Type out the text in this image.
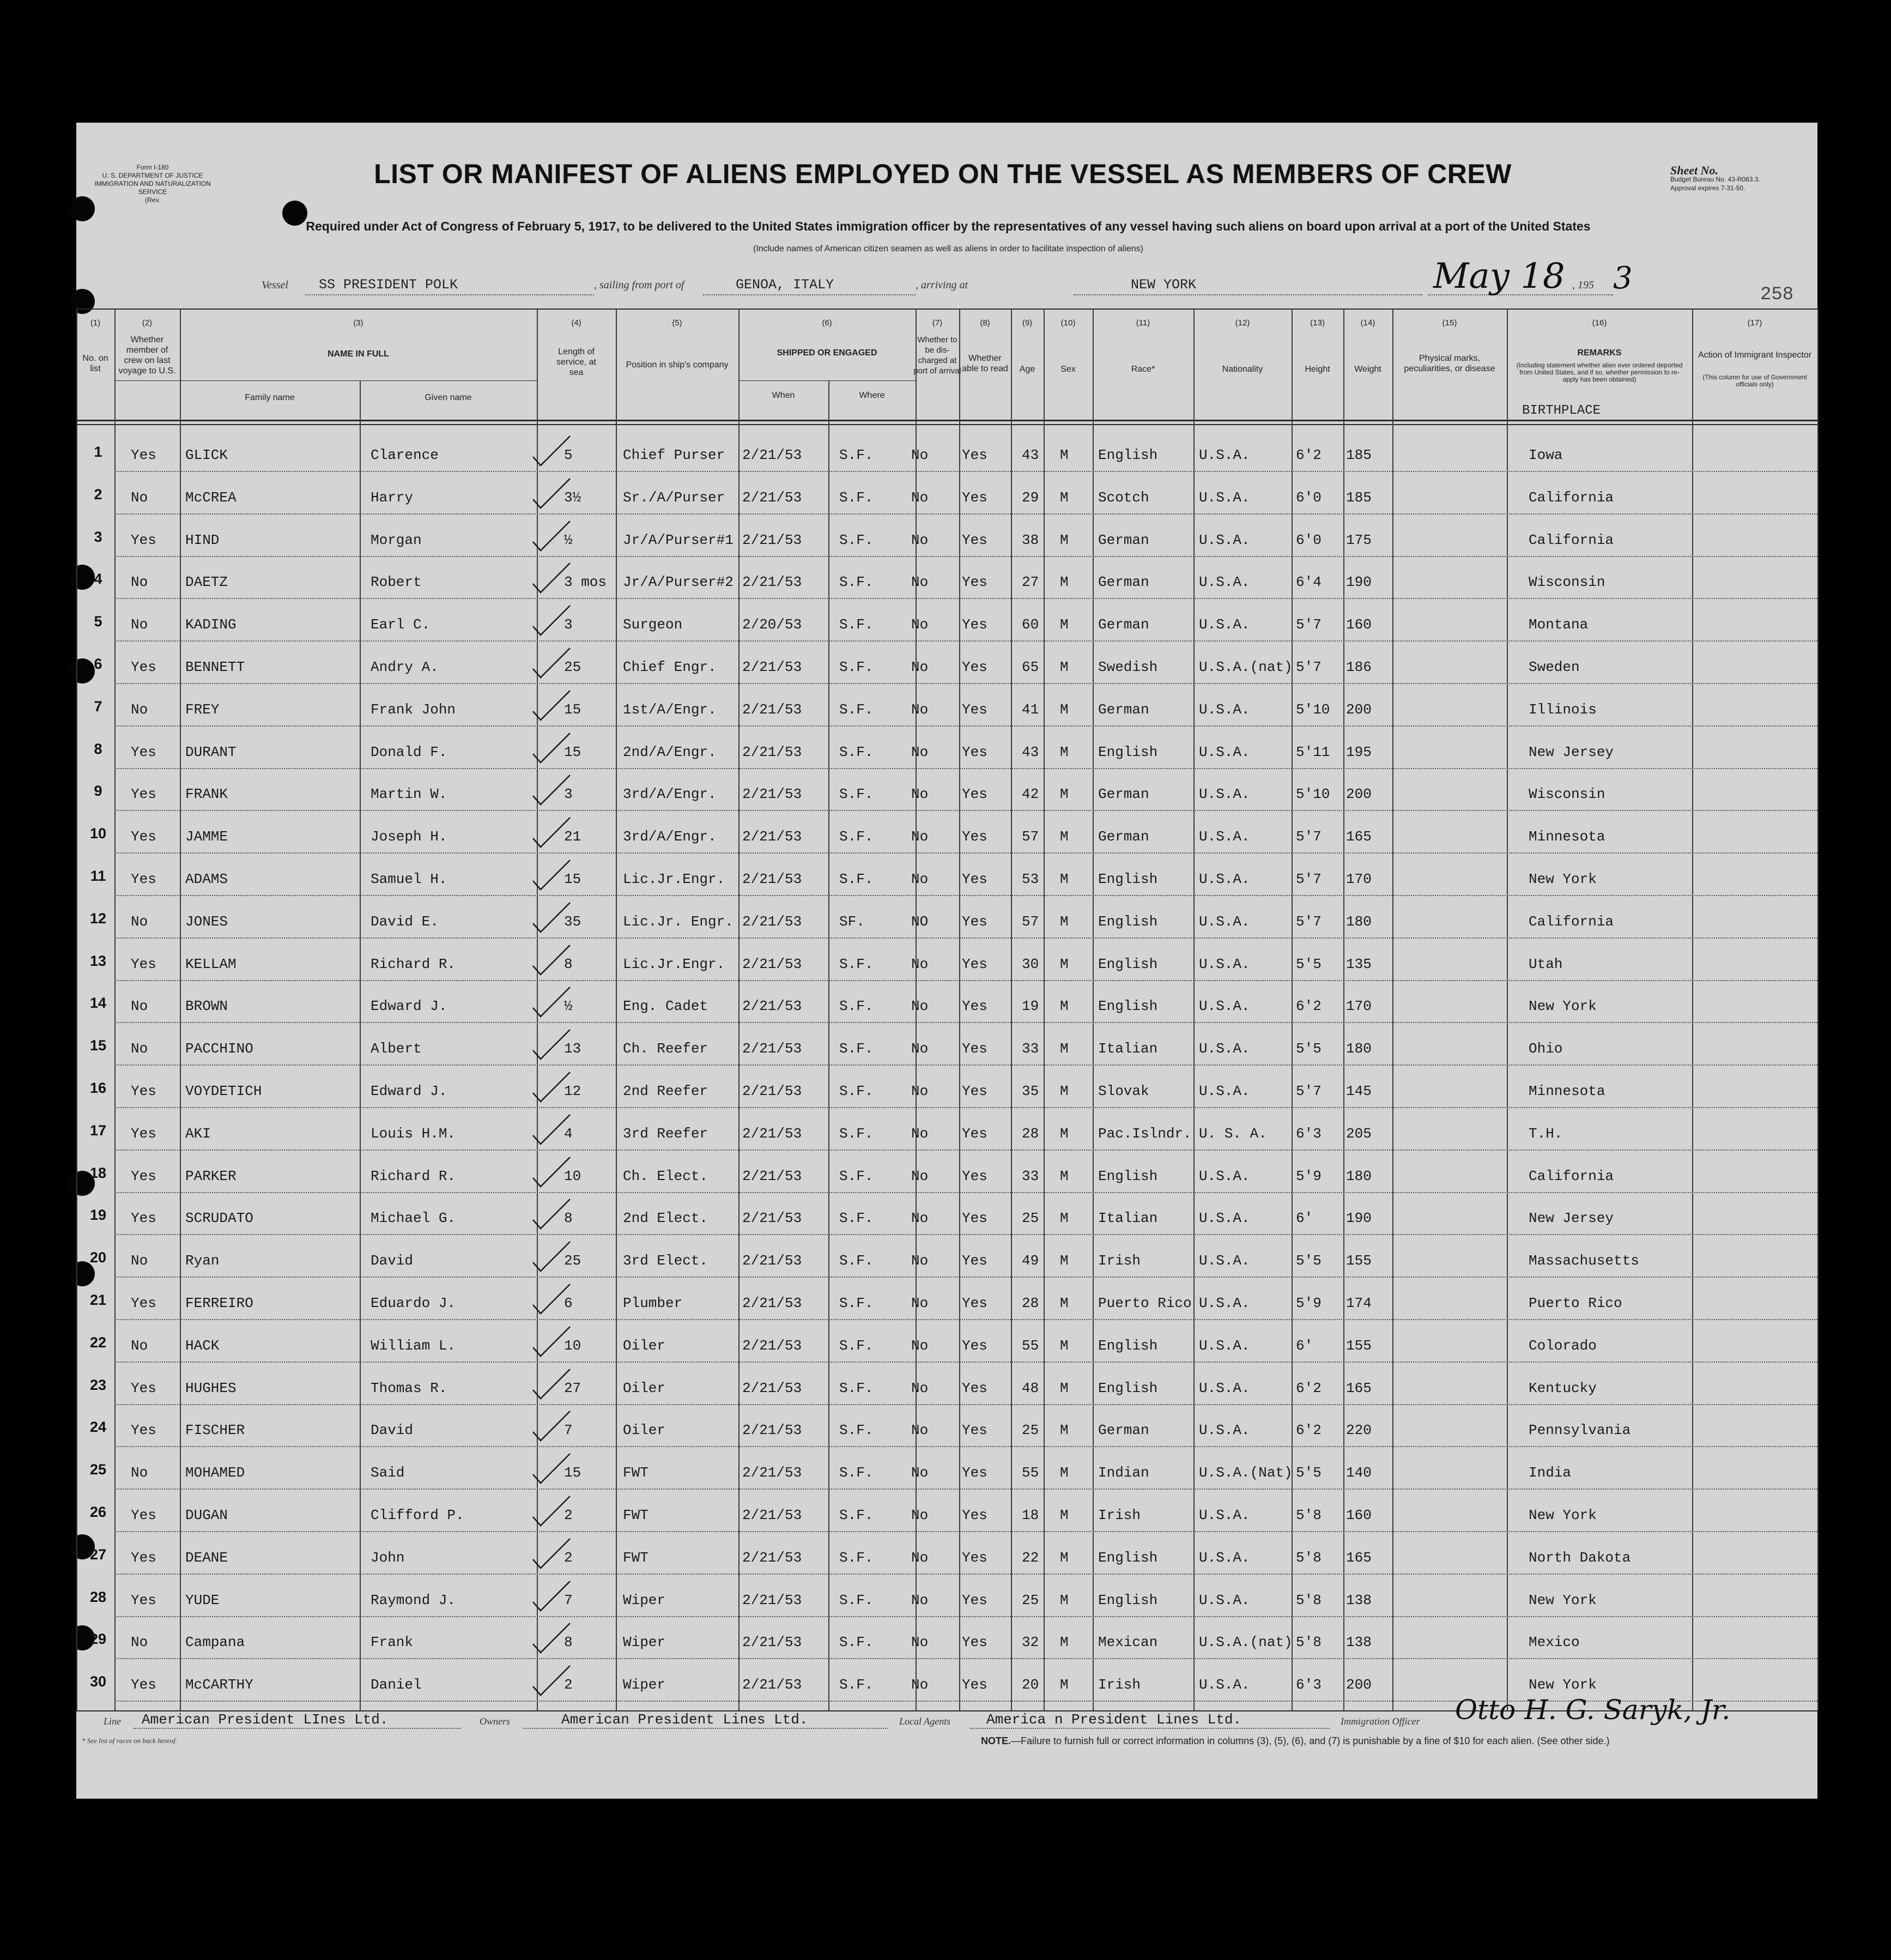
Form I-180
U. S. DEPARTMENT OF JUSTICE
IMMIGRATION AND NATURALIZATION SERVICE
(Rev.
LIST OR MANIFEST OF ALIENS EMPLOYED ON THE VESSEL AS MEMBERS OF CREW	Sheet No.
Budget Bureau No. 43-R063.3.
Approval expires 7-31-50.
Required under Act of Congress of February 5, 1917, to be delivered to the United States immigration officer by the representatives of any vessel having such aliens on board upon arrival at a port of the United States
(Include names of American citizen seamen as well as aliens in order to facilitate inspection of aliens)
Vessel SS PRESIDENT POLK	, sailing from port of	GENOA, ITALY	, arriving at	NEW YORK	May 18 , 195 3	258
(1)
No. on list
(2)
Whether member of crew on last voyage to U.S.
(3)
NAME IN FULL
Family name	Given name
(4)
Length of service, at sea
(5)
Position in ship's company
(6)
SHIPPED OR ENGAGED
When	Where
(7)
Whether to be dis-charged at port of arrival
(8)
Whether able to read
(9)
Age
(10)
Sex
(11)
Race*
(12)
Nationality
(13)
Height
(14)
Weight
(15)
Physical marks, peculiarities, or disease
(16)
REMARKS
(Including statement whether alien ever ordered deported from United States, and if so, whether permission to re-apply has been obtained)
BIRTHPLACE
(17)
Action of Immigrant Inspector
(This column for use of Government officials only)
1	Yes GLICK	Clarence	5	Chief Purser 2/21/53	S.F.	No Yes 43 M English	U.S.A.	6'2 185	Iowa
2	No	McCREA	Harry	3½	Sr./A/Purser 2/21/53	S.F.	No Yes 29 M Scotch	U.S.A.	6'0 185	California
3	Yes HIND	Morgan	½	Jr/A/Purser#1 2/21/53	S.F.	No Yes 38 M German	U.S.A.	6'0 175	California
4	No	DAETZ	Robert	3 mos Jr/A/Purser#2 2/21/53	S.F.	No Yes 27 M German	U.S.A.	6'4 190	Wisconsin
5	No	KADING	Earl C.	3	Surgeon	2/20/53	S.F.	No Yes 60 M German	U.S.A.	5'7 160	Montana
6	Yes BENNETT	Andry A.	25	Chief Engr. 2/21/53	S.F.	No Yes 65 M Swedish	U.S.A.(nat) 5'7 186	Sweden
7	No	FREY	Frank John	15	1st/A/Engr. 2/21/53	S.F.	No Yes 41 M German	U.S.A.	5'10 200	Illinois
8	Yes DURANT	Donald F.	15	2nd/A/Engr. 2/21/53	S.F.	No Yes 43 M English	U.S.A.	5'11 195	New Jersey
9	Yes FRANK	Martin W.	3	3rd/A/Engr. 2/21/53	S.F.	No Yes 42 M German	U.S.A.	5'10 200	Wisconsin
10	Yes JAMME	Joseph H.	21	3rd/A/Engr. 2/21/53	S.F.	No Yes 57 M German	U.S.A.	5'7 165	Minnesota
11	Yes ADAMS	Samuel H.	15	Lic.Jr.Engr. 2/21/53	S.F.	No Yes 53 M English	U.S.A.	5'7 170	New York
12	No	JONES	David E.	35	Lic.Jr. Engr. 2/21/53	SF.	NO Yes 57 M English	U.S.A.	5'7 180	California
13	Yes KELLAM	Richard R.	8	Lic.Jr.Engr. 2/21/53	S.F.	No Yes 30 M English	U.S.A.	5'5 135	Utah
14	No	BROWN	Edward J.	½	Eng. Cadet 2/21/53	S.F.	No Yes 19 M English	U.S.A.	6'2 170	New York
15	No	PACCHINO	Albert	13	Ch. Reefer 2/21/53	S.F.	No Yes 33 M Italian	U.S.A.	5'5 180	Ohio
16	Yes VOYDETICH	Edward J.	12	2nd Reefer 2/21/53	S.F.	No Yes 35 M Slovak	U.S.A.	5'7 145	Minnesota
17	Yes AKI	Louis H.M.	4	3rd Reefer 2/21/53	S.F.	No Yes 28 M Pac.Islndr. U. S. A. 6'3 205	T.H.
18	Yes PARKER	Richard R.	10	Ch. Elect. 2/21/53	S.F.	No Yes 33 M English	U.S.A.	5'9 180	California
19	Yes SCRUDATO	Michael G.	8	2nd Elect. 2/21/53	S.F.	No Yes 25 M Italian	U.S.A.	6' 190	New Jersey
20	No	Ryan	David	25	3rd Elect. 2/21/53	S.F.	No Yes 49 M Irish	U.S.A.	5'5 155	Massachusetts
21	Yes FERREIRO	Eduardo J.	6	Plumber	2/21/53	S.F.	No Yes 28 M Puerto Rico U.S.A.	5'9 174	Puerto Rico
22	No	HACK	William L.	10	Oiler	2/21/53	S.F.	No Yes 55 M English	U.S.A.	6' 155	Colorado
23	Yes HUGHES	Thomas R.	27	Oiler	2/21/53	S.F.	No Yes 48 M English	U.S.A.	6'2 165	Kentucky
24	Yes FISCHER	David	7	Oiler	2/21/53	S.F.	No Yes 25 M German	U.S.A.	6'2 220	Pennsylvania
25	No	MOHAMED	Said	15	FWT	2/21/53	S.F.	No Yes 55 M Indian	U.S.A.(Nat) 5'5 140	India
26	Yes DUGAN	Clifford P.	2	FWT	2/21/53	S.F.	No Yes 18 M Irish	U.S.A.	5'8 160	New York
27	Yes DEANE	John	2	FWT	2/21/53	S.F.	No Yes 22 M English	U.S.A.	5'8 165	North Dakota
28	Yes YUDE	Raymond J.	7	Wiper	2/21/53	S.F.	No Yes 25 M English	U.S.A.	5'8 138	New York
29	No	Campana	Frank	8	Wiper	2/21/53	S.F.	No Yes 32 M Mexican	U.S.A.(nat) 5'8 138	Mexico
30	Yes McCARTHY	Daniel	2	Wiper	2/21/53	S.F.	No Yes 20 M Irish	U.S.A.	6'3 200	New York
Line American President LInes Ltd.	Owners	American President Lines Ltd.	Local Agents	America n President Lines Ltd.	Immigration Officer Otto H. G. Saryk, Jr.
* See list of races on back hereof.	NOTE.—Failure to furnish full or correct information in columns (3), (5), (6), and (7) is punishable by a fine of $10 for each alien. (See other side.)
